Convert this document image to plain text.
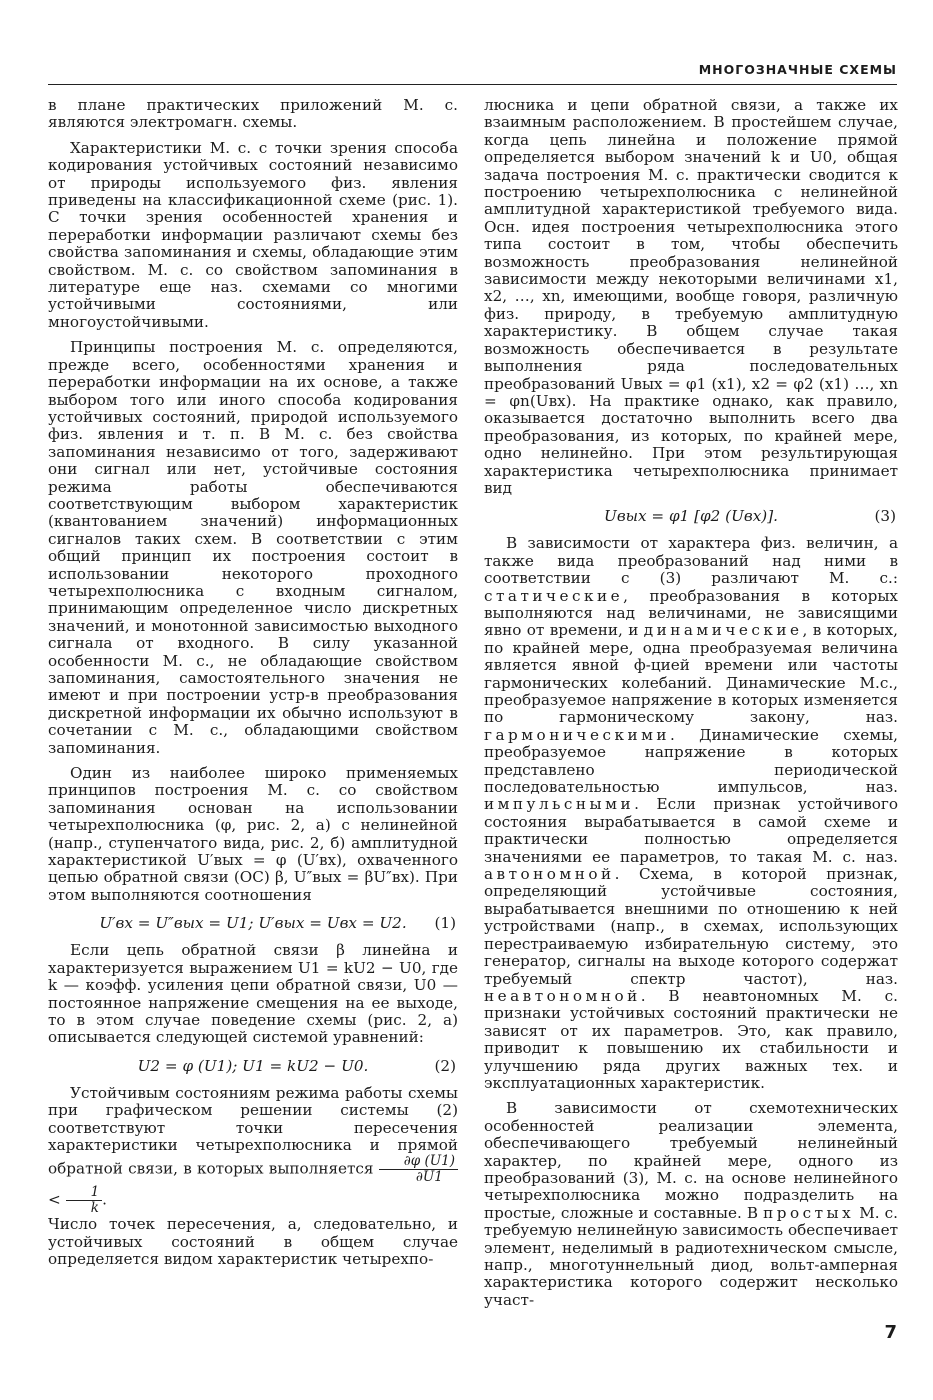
МНОГОЗНАЧНЫЕ СХЕМЫ

в плане практических приложений М. с. являются электромагн. схемы.

Характеристики М. с. с точки зрения способа кодирования устойчивых состояний независимо от природы используемого физ. явления приведены на классификационной схеме (рис. 1). С точки зрения особенностей хранения и переработки информации различают схемы без свойства запоминания и схемы, обладающие этим свойством. М. с. со свойством запоминания в литературе еще наз. схемами со многими устойчивыми состояниями, или многоустойчивыми.

Принципы построения М. с. определяются, прежде всего, особенностями хранения и переработки информации на их основе, а также выбором того или иного способа кодирования устойчивых состояний, природой используемого физ. явления и т. п. В М. с. без свойства запоминания независимо от того, задерживают они сигнал или нет, устойчивые состояния режима работы обеспечиваются соответствующим выбором характеристик (квантованием значений) информационных сигналов таких схем. В соответствии с этим общий принцип их построения состоит в использовании некоторого проходного четырехполюсника с входным сигналом, принимающим определенное число дискретных значений, и монотонной зависимостью выходного сигнала от входного. В силу указанной особенности М. с., не обладающие свойством запоминания, самостоятельного значения не имеют и при построении устр-в преобразования дискретной информации их обычно используют в сочетании с М. с., обладающими свойством запоминания.

Один из наиболее широко применяемых принципов построения М. с. со свойством запоминания основан на использовании четырехполюсника (φ, рис. 2, а) с нелинейной (напр., ступенчатого вида, рис. 2, б) амплитудной характеристикой U′вых = φ (U′вх), охваченного цепью обратной связи (ОС) β, U″вых = βU″вх). При этом выполняются соотношения

U′вх = U″вых = U1; U′вых = Uвх = U2. (1)

Если цепь обратной связи β линейна и характеризуется выражением U1 = kU2 − U0, где k — коэфф. усиления цепи обратной связи, U0 — постоянное напряжение смещения на ее выходе, то в этом случае поведение схемы (рис. 2, а) описывается следующей системой уравнений:

U2 = φ (U1); U1 = kU2 − U0.	(2)

Устойчивым состояниям режима работы схемы при графическом решении системы (2) соответствуют точки пересечения характеристики четырехполюсника и прямой обратной связи, в которых выполняется $\frac{\partial\varphi (U1)}{\partial U1}$
< $\frac{1}{k}$ .

Число точек пересечения, а, следовательно, и устойчивых состояний в общем случае определяется видом характеристик четырехпо-

люсника и цепи обратной связи, а также их взаимным расположением. В простейшем случае, когда цепь линейна и положение прямой определяется выбором значений k и U0, общая задача построения М. с. практически сводится к построению четырехполюсника с нелинейной амплитудной характеристикой требуемого вида. Осн. идея построения четырехполюсника этого типа состоит в том, чтобы обеспечить возможность преобразования нелинейной зависимости между некоторыми величинами x1, x2, …, xn, имеющими, вообще говоря, различную физ. природу, в требуемую амплитудную характеристику. В общем случае такая возможность обеспечивается в результате выполнения ряда последовательных преобразований Uвых = φ1 (x1), x2 = φ2 (x1) …, xn = φn(Uвх). На практике однако, как правило, оказывается достаточно выполнить всего два преобразования, из которых, по крайней мере, одно нелинейно. При этом результирующая характеристика четырехполюсника принимает вид

Uвых = φ1 [φ2 (Uвх)].	(3)

В зависимости от характера физ. величин, а также вида преобразований над ними в соответствии с (3) различают М. с.: статические, преобразования в которых выполняются над величинами, не зависящими явно от времени, и динамические, в которых, по крайней мере, одна преобразуемая величина является явной ф-цией времени или частоты гармонических колебаний. Динамические М.с., преобразуемое напряжение в которых изменяется по гармоническому закону, наз. гармоническими. Динамические схемы, преобразуемое напряжение в которых представлено периодической последовательностью импульсов, наз. импульсными. Если признак устойчивого состояния вырабатывается в самой схеме и практически полностью определяется значениями ее параметров, то такая М. с. наз. автономной. Схема, в которой признак, определяющий устойчивые состояния, вырабатывается внешними по отношению к ней устройствами (напр., в схемах, использующих перестраиваемую избирательную систему, это генератор, сигналы на выходе которого содержат требуемый спектр частот), наз. неавтономной. В неавтономных М. с. признаки устойчивых состояний практически не зависят от их параметров. Это, как правило, приводит к повышению их стабильности и улучшению ряда других важных тех. и эксплуатационных характеристик.

В зависимости от схемотехнических особенностей реализации элемента, обеспечивающего требуемый нелинейный характер, по крайней мере, одного из преобразований (3), М. с. на основе нелинейного четырехполюсника можно подразделить на простые, сложные и составные. В простых М. с. требуемую нелинейную зависимость обеспечивает элемент, неделимый в радиотехническом смысле, напр., многотуннельный диод, вольт-амперная характеристика которого содержит несколько участ-

7
